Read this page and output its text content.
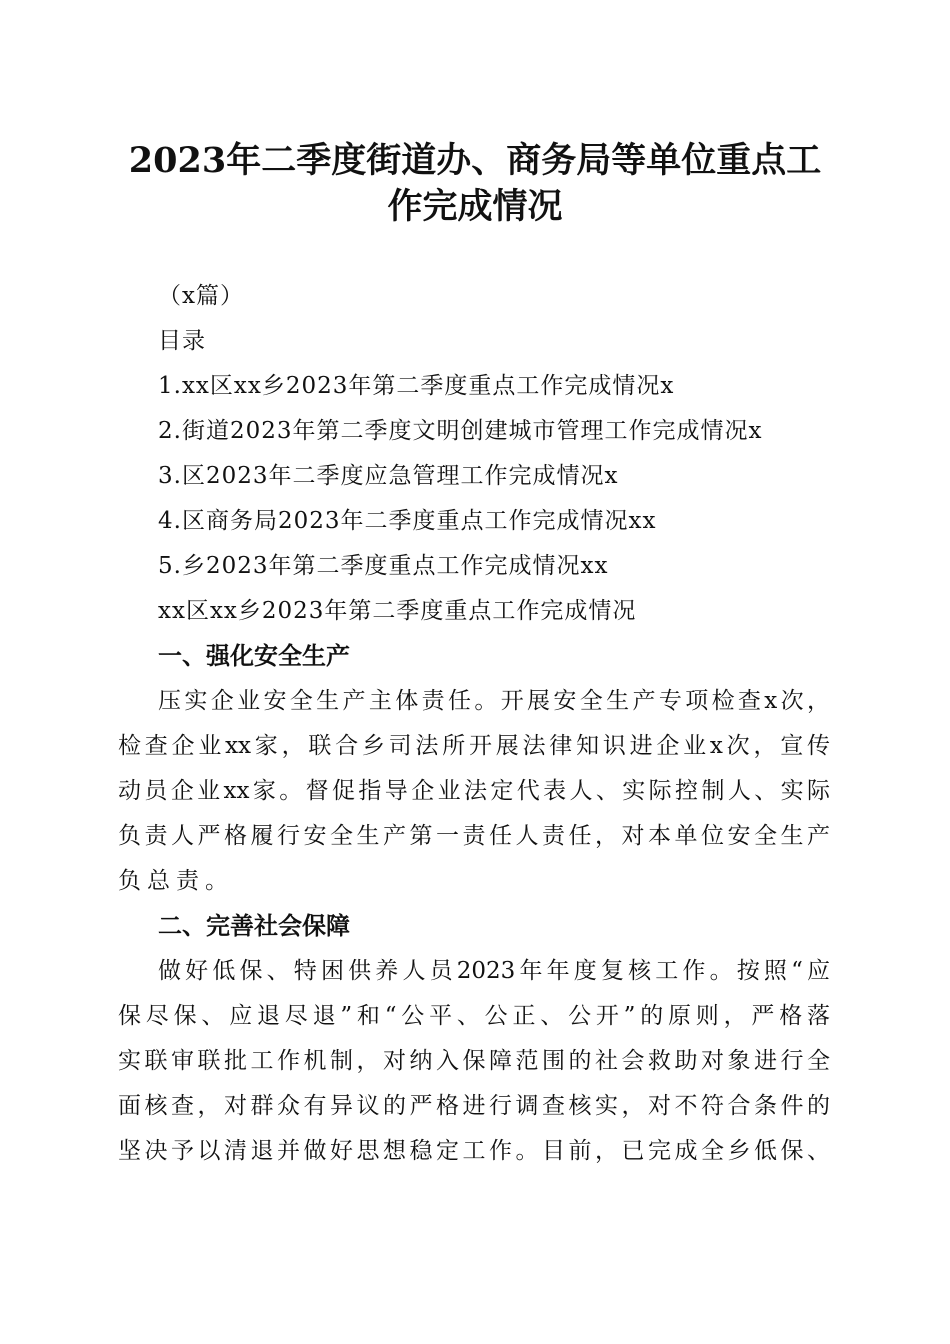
2023年二季度街道办、商务局等单位重点工
作完成情况
（x篇）
目录
1.xx区xx乡2023年第二季度重点工作完成情况x
2.街道2023年第二季度文明创建城市管理工作完成情况x
3.区2023年二季度应急管理工作完成情况x
4.区商务局2023年二季度重点工作完成情况xx
5.乡2023年第二季度重点工作完成情况xx
xx区xx乡2023年第二季度重点工作完成情况
一、强化安全生产
压实企业安全生产主体责任。开展安全生产专项检查x次，
检查企业xx家，联合乡司法所开展法律知识进企业x次，宣传
动员企业xx家。督促指导企业法定代表人、实际控制人、实际
负责人严格履行安全生产第一责任人责任，对本单位安全生产
负总责。
二、完善社会保障
做好低保、特困供养人员2023年年度复核工作。按照“应
保尽保、应退尽退”和“公平、公正、公开”的原则，严格落
实联审联批工作机制，对纳入保障范围的社会救助对象进行全
面核查，对群众有异议的严格进行调查核实，对不符合条件的
坚决予以清退并做好思想稳定工作。目前，已完成全乡低保、
